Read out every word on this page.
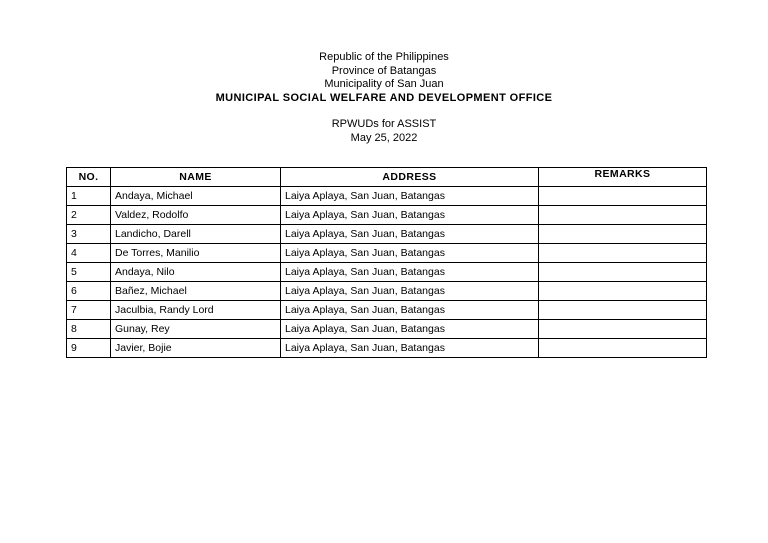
Republic of the Philippines
Province of Batangas
Municipality of San Juan
MUNICIPAL SOCIAL WELFARE AND DEVELOPMENT OFFICE
RPWUDs for ASSIST
May 25, 2022
NO.	NAME	ADDRESS	REMARKS
1	Andaya, Michael	Laiya Aplaya, San Juan, Batangas	
2	Valdez, Rodolfo	Laiya Aplaya, San Juan, Batangas	
3	Landicho, Darell	Laiya Aplaya, San Juan, Batangas	
4	De Torres, Manilio	Laiya Aplaya, San Juan, Batangas	
5	Andaya, Nilo	Laiya Aplaya, San Juan, Batangas	
6	Bañez, Michael	Laiya Aplaya, San Juan, Batangas	
7	Jaculbia, Randy Lord	Laiya Aplaya, San Juan, Batangas	
8	Gunay, Rey	Laiya Aplaya, San Juan, Batangas	
9	Javier, Bojie	Laiya Aplaya, San Juan, Batangas	
